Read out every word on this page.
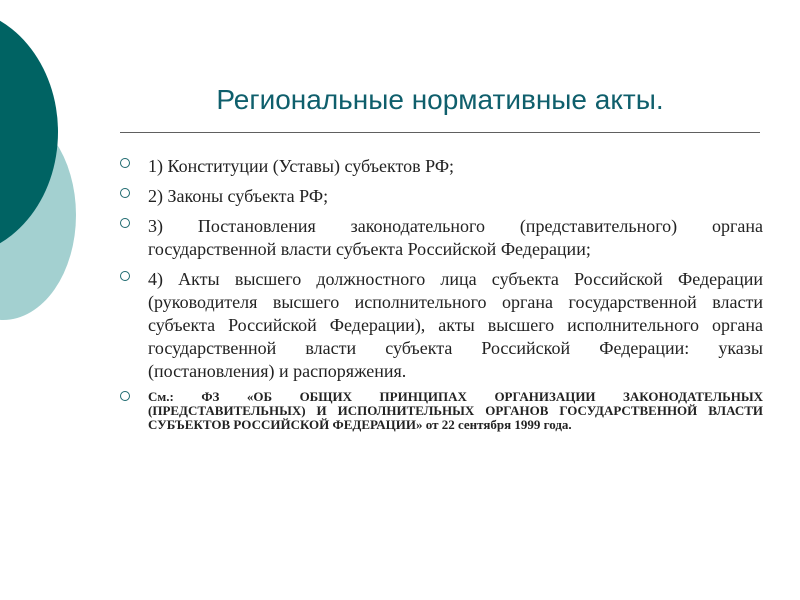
Региональные нормативные акты.
1) Конституции (Уставы) субъектов РФ;
2) Законы субъекта РФ;
3) Постановления законодательного (представительного) органа государственной власти субъекта Российской Федерации;
4) Акты высшего должностного лица субъекта Российской Федерации (руководителя высшего исполнительного органа государственной власти субъекта Российской Федерации), акты высшего исполнительного органа государственной власти субъекта Российской Федерации: указы (постановления) и распоряжения.
См.: ФЗ «ОБ ОБЩИХ ПРИНЦИПАХ ОРГАНИЗАЦИИ ЗАКОНОДАТЕЛЬНЫХ (ПРЕДСТАВИТЕЛЬНЫХ) И ИСПОЛНИТЕЛЬНЫХ ОРГАНОВ ГОСУДАРСТВЕННОЙ ВЛАСТИ СУБЪЕКТОВ РОССИЙСКОЙ ФЕДЕРАЦИИ» от 22 сентября 1999 года.
